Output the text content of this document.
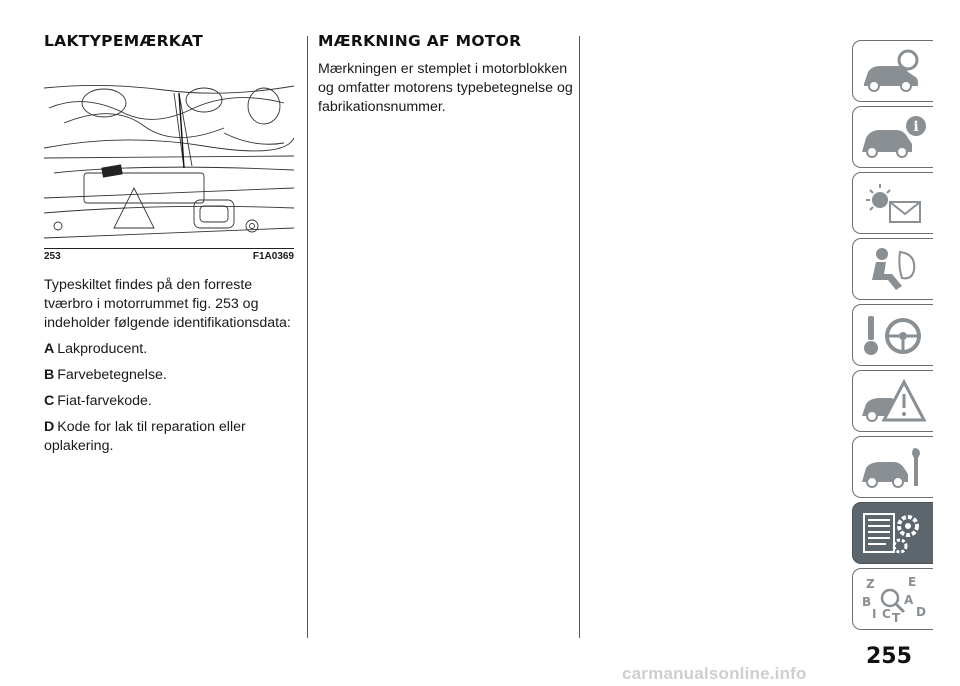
LAKTYPEMÆRKAT
253	F1A0369

Typeskiltet findes på den forreste tværbro i motorrummet fig. 253 og indeholder følgende identifikationsdata:

A Lakproducent.

B Farvebetegnelse.

C Fiat-farvekode.

D Kode for lak til reparation eller oplakering.

MÆRKNING AF MOTOR

Mærkningen er stemplet i motorblokken og omfatter motorens typebetegnelse og fabrikationsnummer.

i
Z	E
B	A
I C T D
255
carmanualsonline.info
